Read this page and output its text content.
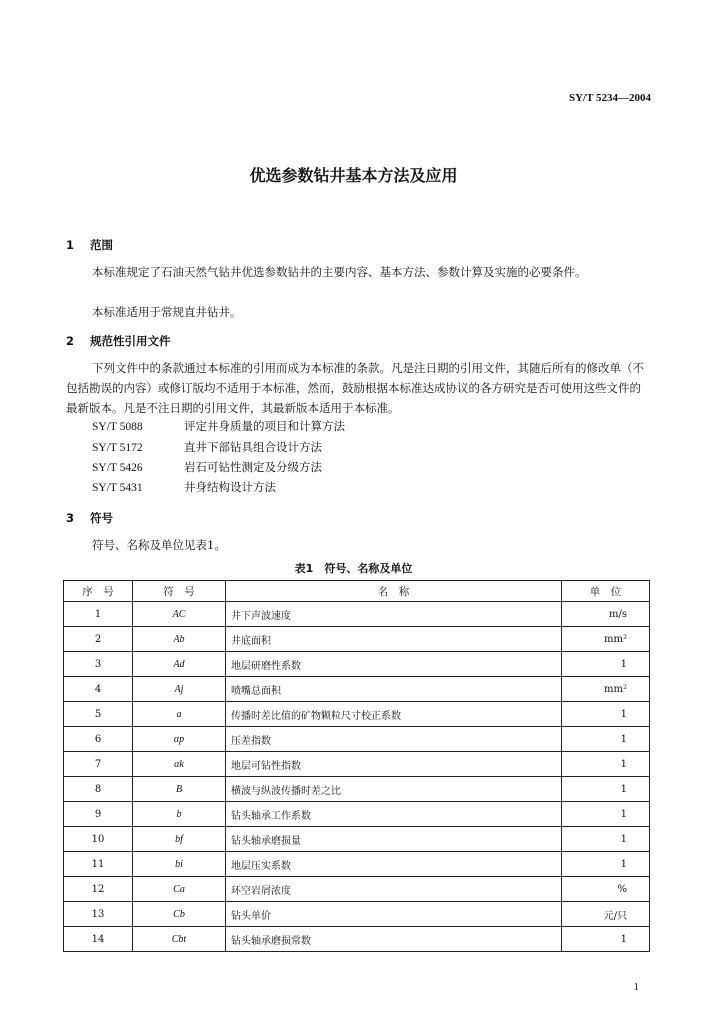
SY/T 5234—2004
优选参数钻井基本方法及应用
1 范围
本标准规定了石油天然气钻井优选参数钻井的主要内容、基本方法、参数计算及实施的必要条件。
本标准适用于常规直井钻井。
2 规范性引用文件
下列文件中的条款通过本标准的引用而成为本标准的条款。凡是注日期的引用文件，其随后所有的修改单（不包括勘误的内容）或修订版均不适用于本标准，然而，鼓励根据本标准达成协议的各方研究是否可使用这些文件的最新版本。凡是不注日期的引用文件，其最新版本适用于本标准。
SY/T 5088	评定井身质量的项目和计算方法
SY/T 5172	直井下部钻具组合设计方法
SY/T 5426	岩石可钻性测定及分级方法
SY/T 5431	井身结构设计方法
3 符号
符号、名称及单位见表1。
表1　符号、名称及单位
序　号	符　号	名　称	单　位
1	AC	井下声波速度	m/s
2	Ab	井底面积	mm²
3	Ad	地层研磨性系数	1
4	Aj	喷嘴总面积	mm²
5	a	传播时差比值的矿物颗粒尺寸校正系数	1
6	αp	压差指数	1
7	αk	地层可钻性指数	1
8	B	横波与纵波传播时差之比	1
9	b	钻头轴承工作系数	1
10	bf	钻头轴承磨损量	1
11	bi	地层压实系数	1
12	Ca	环空岩屑浓度	%
13	Cb	钻头单价	元/只
14	Cbt	钻头轴承磨损常数	1
1
